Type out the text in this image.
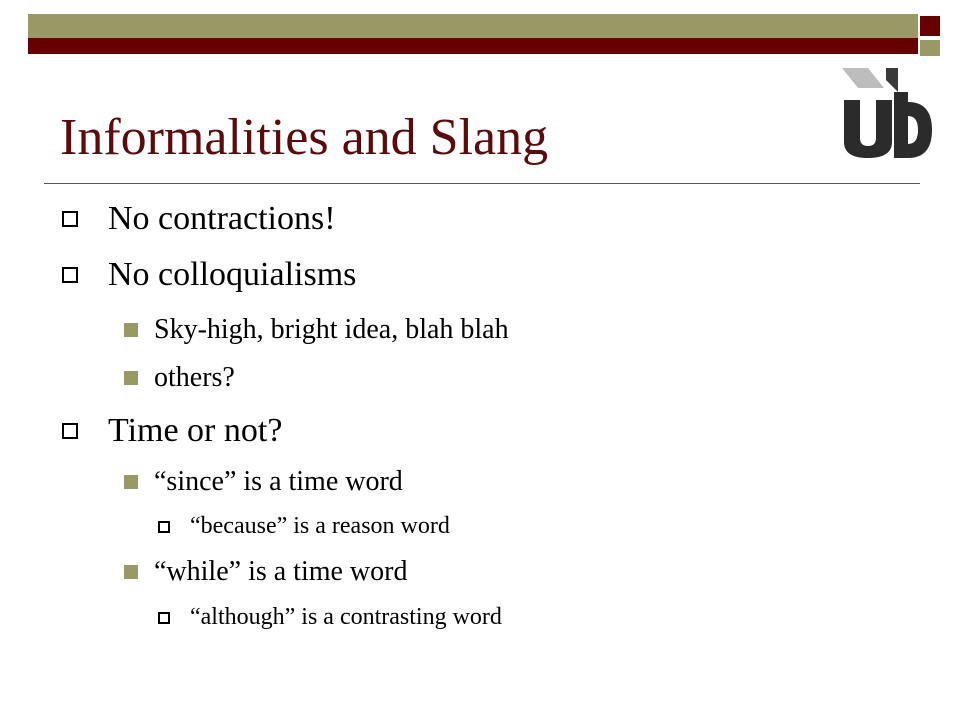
Informalities and Slang
No contractions!
No colloquialisms
Sky-high, bright idea, blah blah
others?
Time or not?
“since” is a time word
“because” is a reason word
“while” is a time word
“although” is a contrasting word
